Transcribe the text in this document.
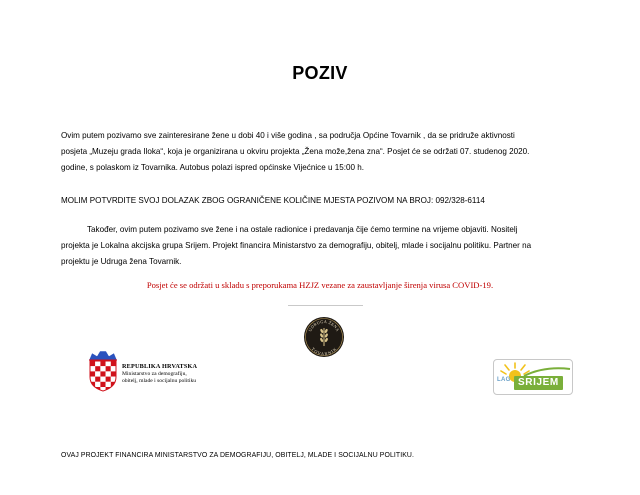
POZIV
Ovim putem pozivamo sve zainteresirane žene u dobi 40 i više godina , sa područja Općine Tovarnik , da se pridruže aktivnosti
posjeta „Muzeju grada Iloka“, koja je organizirana u okviru projekta „Žena može,žena zna“. Posjet će se održati 07. studenog 2020.
godine, s polaskom iz Tovarnika. Autobus polazi ispred općinske Vijećnice u 15:00 h.
MOLIM POTVRDITE SVOJ DOLAZAK ZBOG OGRANIČENE KOLIČINE MJESTA POZIVOM NA BROJ: 092/328-6114
Također, ovim putem pozivamo sve žene i na ostale radionice i predavanja čije ćemo termine na vrijeme objaviti. Nositelj
projekta je Lokalna akcijska grupa Srijem. Projekt financira Ministarstvo za demografiju, obitelj, mlade i socijalnu politiku. Partner na
projektu je Udruga žena Tovarnik.
Posjet će se održati u skladu s preporukama HZJZ vezane za zaustavljanje širenja virusa COVID-19.
UDRUGA ŽENA
TOVARNIK
REPUBLIKA HRVATSKA
Ministarstvo za demografiju,
obitelj, mlade i socijalnu politiku	LAG SRIJEM
OVAJ PROJEKT FINANCIRA MINISTARSTVO ZA DEMOGRAFIJU, OBITELJ, MLADE I SOCIJALNU POLITIKU.
